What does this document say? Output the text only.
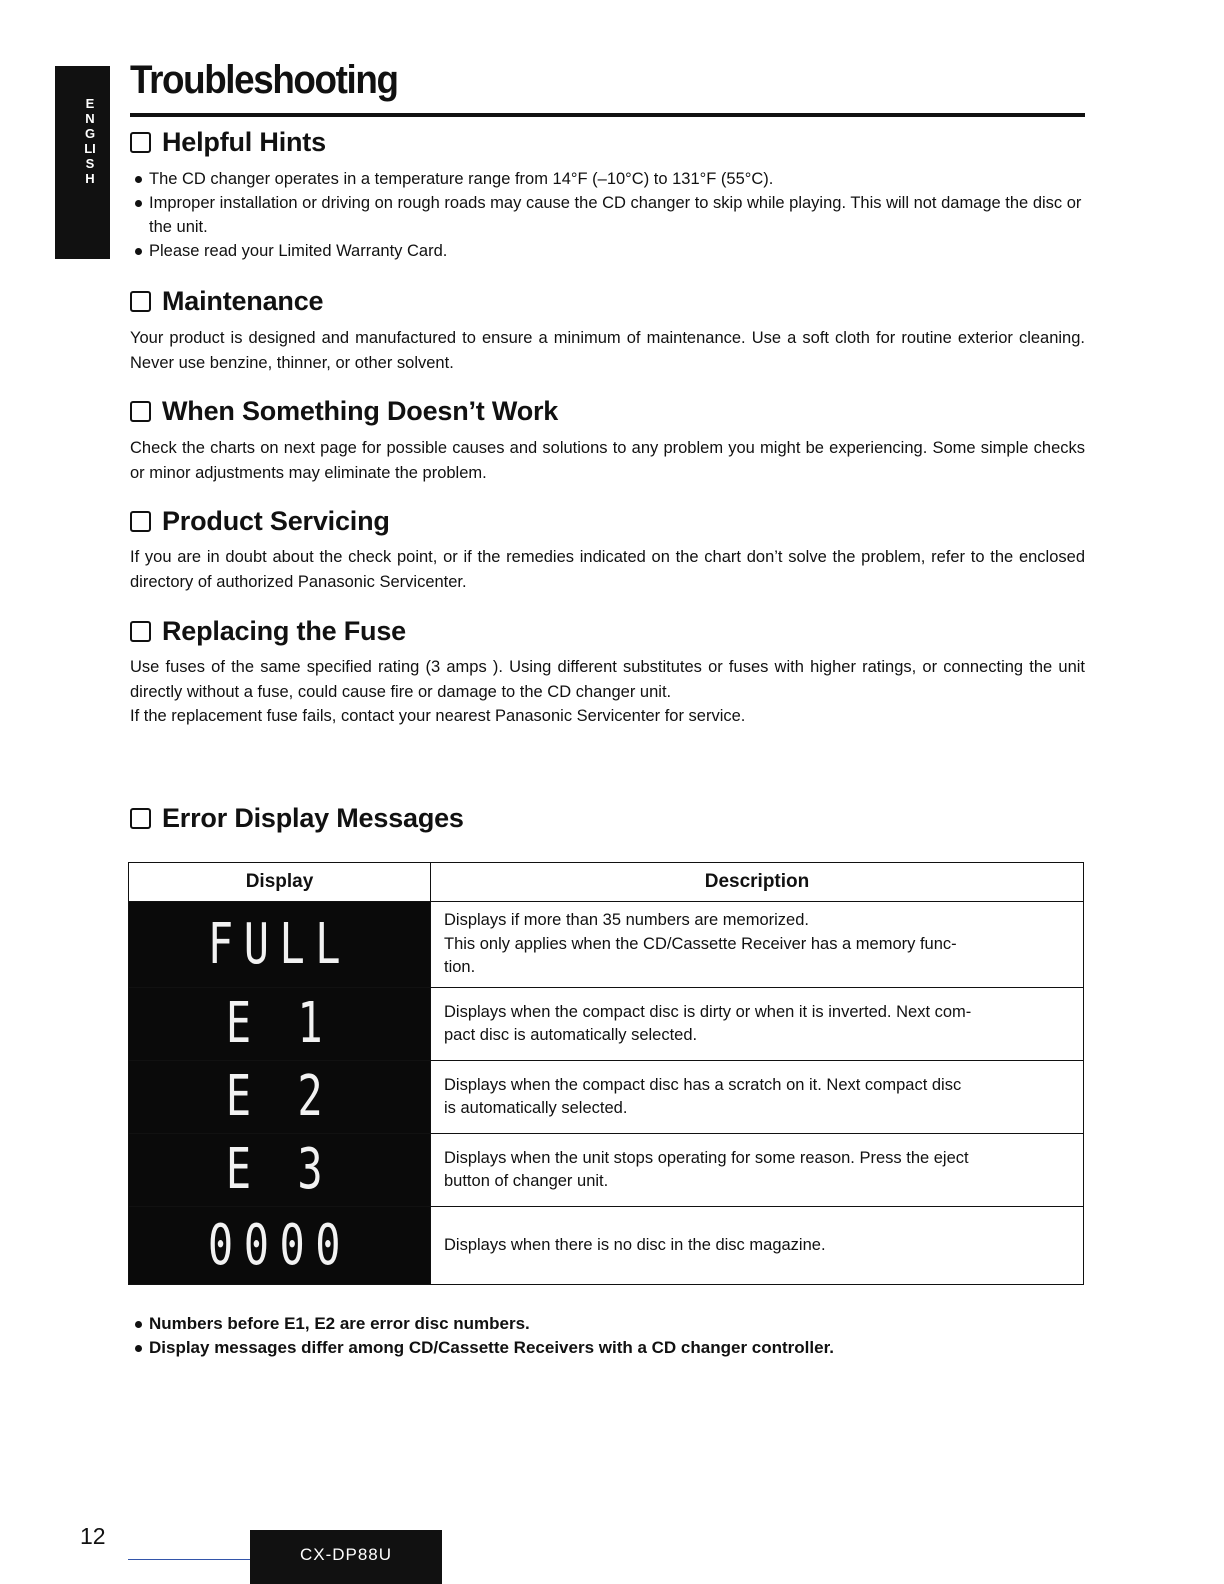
ENGLISH
Troubleshooting
Helpful Hints
The CD changer operates in a temperature range from 14°F (–10°C) to 131°F (55°C).
Improper installation or driving on rough roads may cause the CD changer to skip while playing. This will not damage the disc or the unit.
Please read your Limited Warranty Card.
Maintenance

Your product is designed and manufactured to ensure a minimum of maintenance. Use a soft cloth for routine exterior cleaning. Never use benzine, thinner, or other solvent.

When Something Doesn’t Work

Check the charts on next page for possible causes and solutions to any problem you might be experiencing. Some simple checks or minor adjustments may eliminate the problem.

Product Servicing

If you are in doubt about the check point, or if the remedies indicated on the chart don’t solve the problem, refer to the enclosed directory of authorized Panasonic Servicenter.

Replacing the Fuse

Use fuses of the same specified rating (3 amps ). Using different substitutes or fuses with higher ratings, or connecting the unit directly without a fuse, could cause fire or damage to the CD changer unit.

If the replacement fuse fails, contact your nearest Panasonic Servicenter for service.

Error Display Messages
Display	Description

FULL	Displays if more than 35 numbers are memorized.
This only applies when the CD/Cassette Receiver has a memory func-
tion.

E 1	Displays when the compact disc is dirty or when it is inverted. Next com-
pact disc is automatically selected.

E 2	Displays when the compact disc has a scratch on it. Next compact disc
is automatically selected.

E 3	Displays when the unit stops operating for some reason. Press the eject
button of changer unit.

0000	Displays when there is no disc in the disc magazine.
Numbers before E1, E2 are error disc numbers.
Display messages differ among CD/Cassette Receivers with a CD changer controller.
12
CX-DP88U
